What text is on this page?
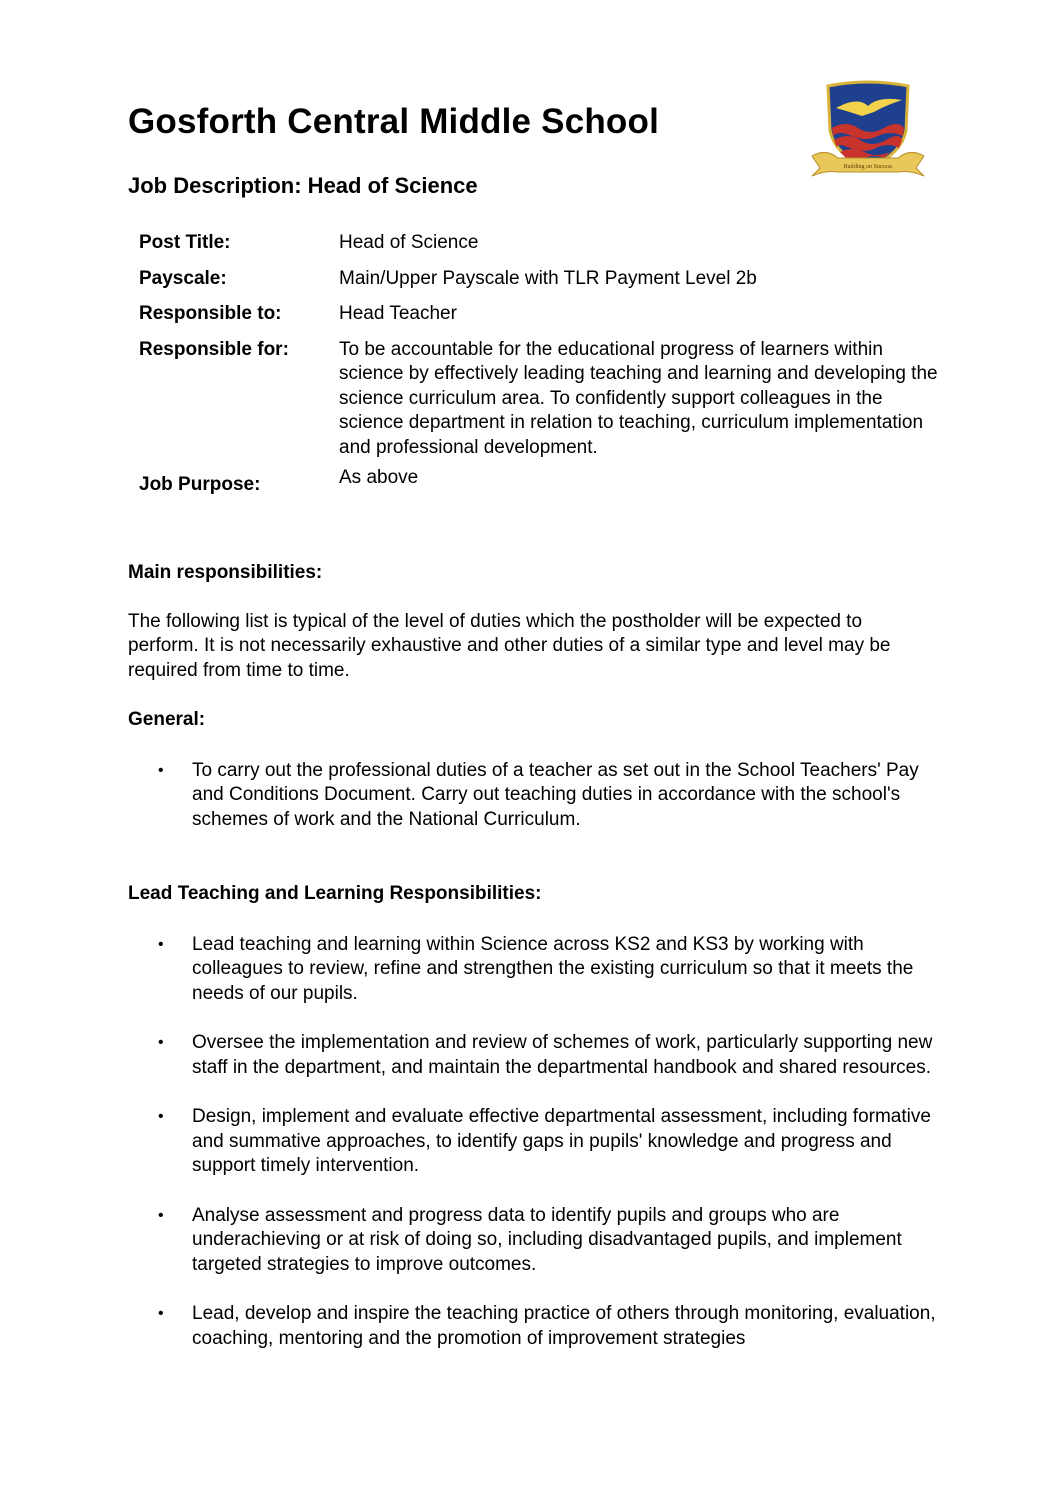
Gosforth Central Middle School
Building on Success
Job Description: Head of Science
Post Title:	Head of Science
Payscale:	Main/Upper Payscale with TLR Payment Level 2b
Responsible to:	Head Teacher
Responsible for:	To be accountable for the educational progress of learners within science by effectively leading teaching and learning and developing the science curriculum area. To confidently support colleagues in the science department in relation to teaching, curriculum implementation and professional development.
Job Purpose:	As above
Main responsibilities:
The following list is typical of the level of duties which the postholder will be expected to perform. It is not necessarily exhaustive and other duties of a similar type and level may be required from time to time.
General:
• To carry out the professional duties of a teacher as set out in the School Teachers' Pay and Conditions Document. Carry out teaching duties in accordance with the school's schemes of work and the National Curriculum.
Lead Teaching and Learning Responsibilities:
• Lead teaching and learning within Science across KS2 and KS3 by working with colleagues to review, refine and strengthen the existing curriculum so that it meets the needs of our pupils.
• Oversee the implementation and review of schemes of work, particularly supporting new staff in the department, and maintain the departmental handbook and shared resources.
• Design, implement and evaluate effective departmental assessment, including formative and summative approaches, to identify gaps in pupils' knowledge and progress and support timely intervention.
• Analyse assessment and progress data to identify pupils and groups who are underachieving or at risk of doing so, including disadvantaged pupils, and implement targeted strategies to improve outcomes.
• Lead, develop and inspire the teaching practice of others through monitoring, evaluation, coaching, mentoring and the promotion of improvement strategies
